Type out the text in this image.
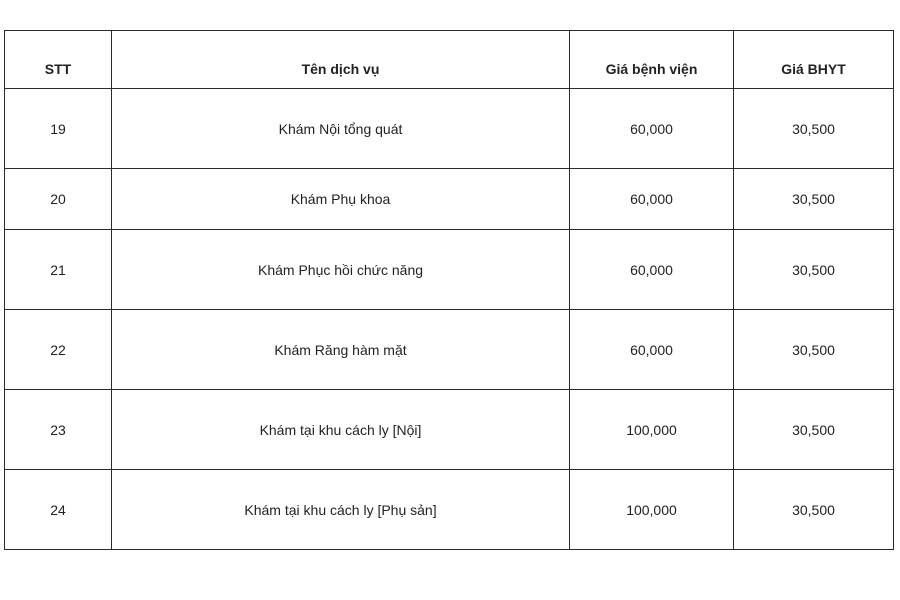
STT	Tên dịch vụ	Giá bệnh viện	Giá BHYT
19	Khám Nội tổng quát	60,000	30,500
20	Khám Phụ khoa	60,000	30,500
21	Khám Phục hồi chức năng	60,000	30,500
22	Khám Răng hàm mặt	60,000	30,500
23	Khám tại khu cách ly [Nội]	100,000	30,500
24	Khám tại khu cách ly [Phụ sản]	100,000	30,500
